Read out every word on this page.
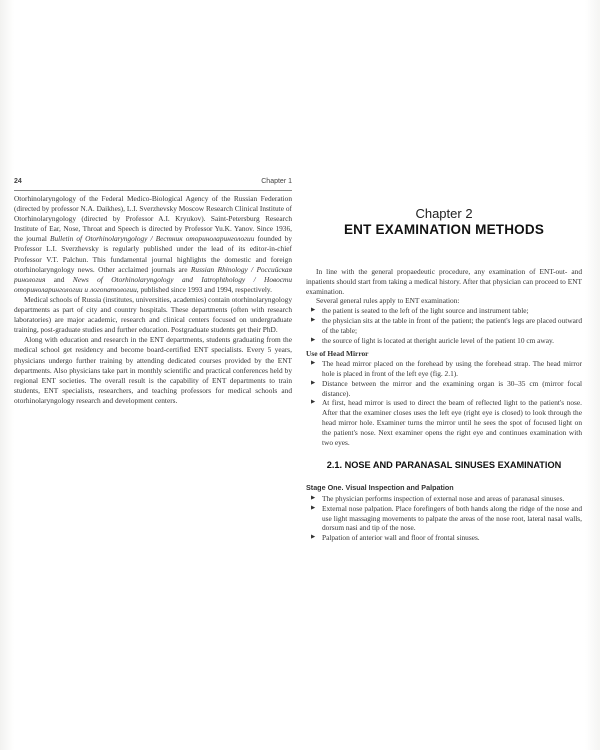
24	Chapter 1

Otorhinolaryngology of the Federal Medico-Biological Agency of the Russian Federation (directed by professor N.A. Daikhes), L.I. Sverzhevsky Moscow Research Clinical Institute of Otorhinolaryngology (directed by Professor A.I. Kryukov). Saint-Petersburg Research Institute of Ear, Nose, Throat and Speech is directed by Professor Yu.K. Yanov. Since 1936, the journal Bulletin of Otorhinolaryngology / Вестник оториноларингологии founded by Professor L.I. Sverzhevsky is regularly published under the lead of its editor-in-chief Professor V.T. Palchun. This fundamental journal highlights the domestic and foreign otorhinolaryngology news. Other acclaimed journals are Russian Rhinology / Российская ринология and News of Otorhinolaryngology and Iatrophthology / Новости оториноларингологии и логопатологии, published since 1993 and 1994, respectively.

Medical schools of Russia (institutes, universities, academies) contain otorhinolaryngology departments as part of city and country hospitals. These departments (often with research laboratories) are major academic, research and clinical centers focused on undergraduate training, post-graduate studies and further education. Postgraduate students get their PhD.

Along with education and research in the ENT departments, students graduating from the medical school get residency and become board-certified ENT specialists. Every 5 years, physicians undergo further training by attending dedicated courses provided by the ENT departments. Also physicians take part in monthly scientific and practical conferences held by regional ENT societies. The overall result is the capability of ENT departments to train students, ENT specialists, researchers, and teaching professors for medical schools and otorhinolaryngology research and development centers.

Chapter 2
ENT EXAMINATION METHODS

In line with the general propaedeutic procedure, any examination of ENT-out- and inpatients should start from taking a medical history. After that physician can proceed to ENT examination.

Several general rules apply to ENT examination:

▶ the patient is seated to the left of the light source and instrument table;
▶ the physician sits at the table in front of the patient; the patient's legs are placed outward of the table;
▶ the source of light is located at theright auricle level of the patient 10 cm away.
Use of Head Mirror
▶ The head mirror placed on the forehead by using the forehead strap. The head mirror hole is placed in front of the left eye (fig. 2.1).
▶ Distance between the mirror and the examining organ is 30–35 cm (mirror focal distance).
▶ At first, head mirror is used to direct the beam of reflected light to the patient's nose. After that the examiner closes uses the left eye (right eye is closed) to look through the head mirror hole. Examiner turns the mirror until he sees the spot of focused light on the patient's nose. Next examiner opens the right eye and continues examination with two eyes.
2.1. NOSE AND PARANASAL SINUSES EXAMINATION
Stage One. Visual Inspection and Palpation
▶ The physician performs inspection of external nose and areas of paranasal sinuses.
▶ External nose palpation. Place forefingers of both hands along the ridge of the nose and use light massaging movements to palpate the areas of the nose root, lateral nasal walls, dorsum nasi and tip of the nose.
▶ Palpation of anterior wall and floor of frontal sinuses.
